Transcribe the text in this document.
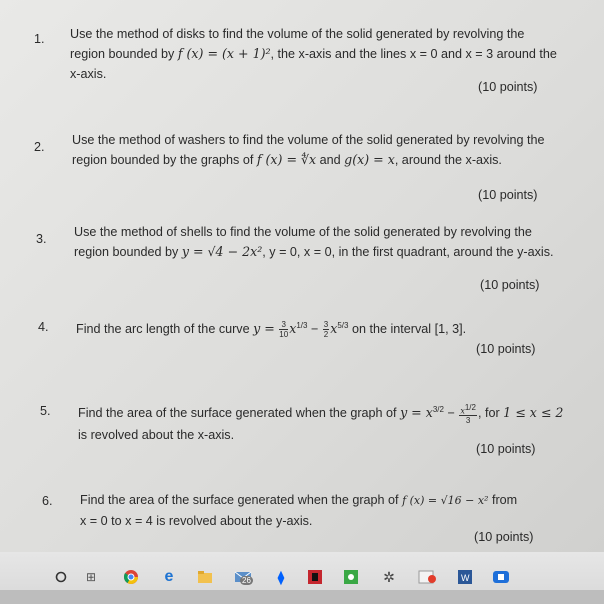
1. Use the method of disks to find the volume of the solid generated by revolving the
region bounded by f (x) = (x + 1)², the x-axis and the lines x = 0 and x = 3 around the
x-axis.
(10 points)
2. Use the method of washers to find the volume of the solid generated by revolving the
region bounded by the graphs of f (x) = ∜x and g(x) = x, around the x-axis.
(10 points)
3. Use the method of shells to find the volume of the solid generated by revolving the
region bounded by y = √4 − 2x², y = 0, x = 0, in the first quadrant, around the y-axis.
(10 points)
4. Find the arc length of the curve $y = \frac{3}{10} x^{1/3} - \frac{3}{2} x^{5/3}$ on the interval [1, 3].
(10 points)
5. Find the area of the surface generated when the graph of $y = x^{3/2} - \frac{x^{1/2}}{3}$ , for 1 ≤ x ≤ 2
is revolved about the x-axis.
(10 points)
6. Find the area of the surface generated when the graph of f (x) = √16 − x² from
x = 0 to x = 4 is revolved about the y-axis.
(10 points)
⊞	e	26	⧫	✲	W
